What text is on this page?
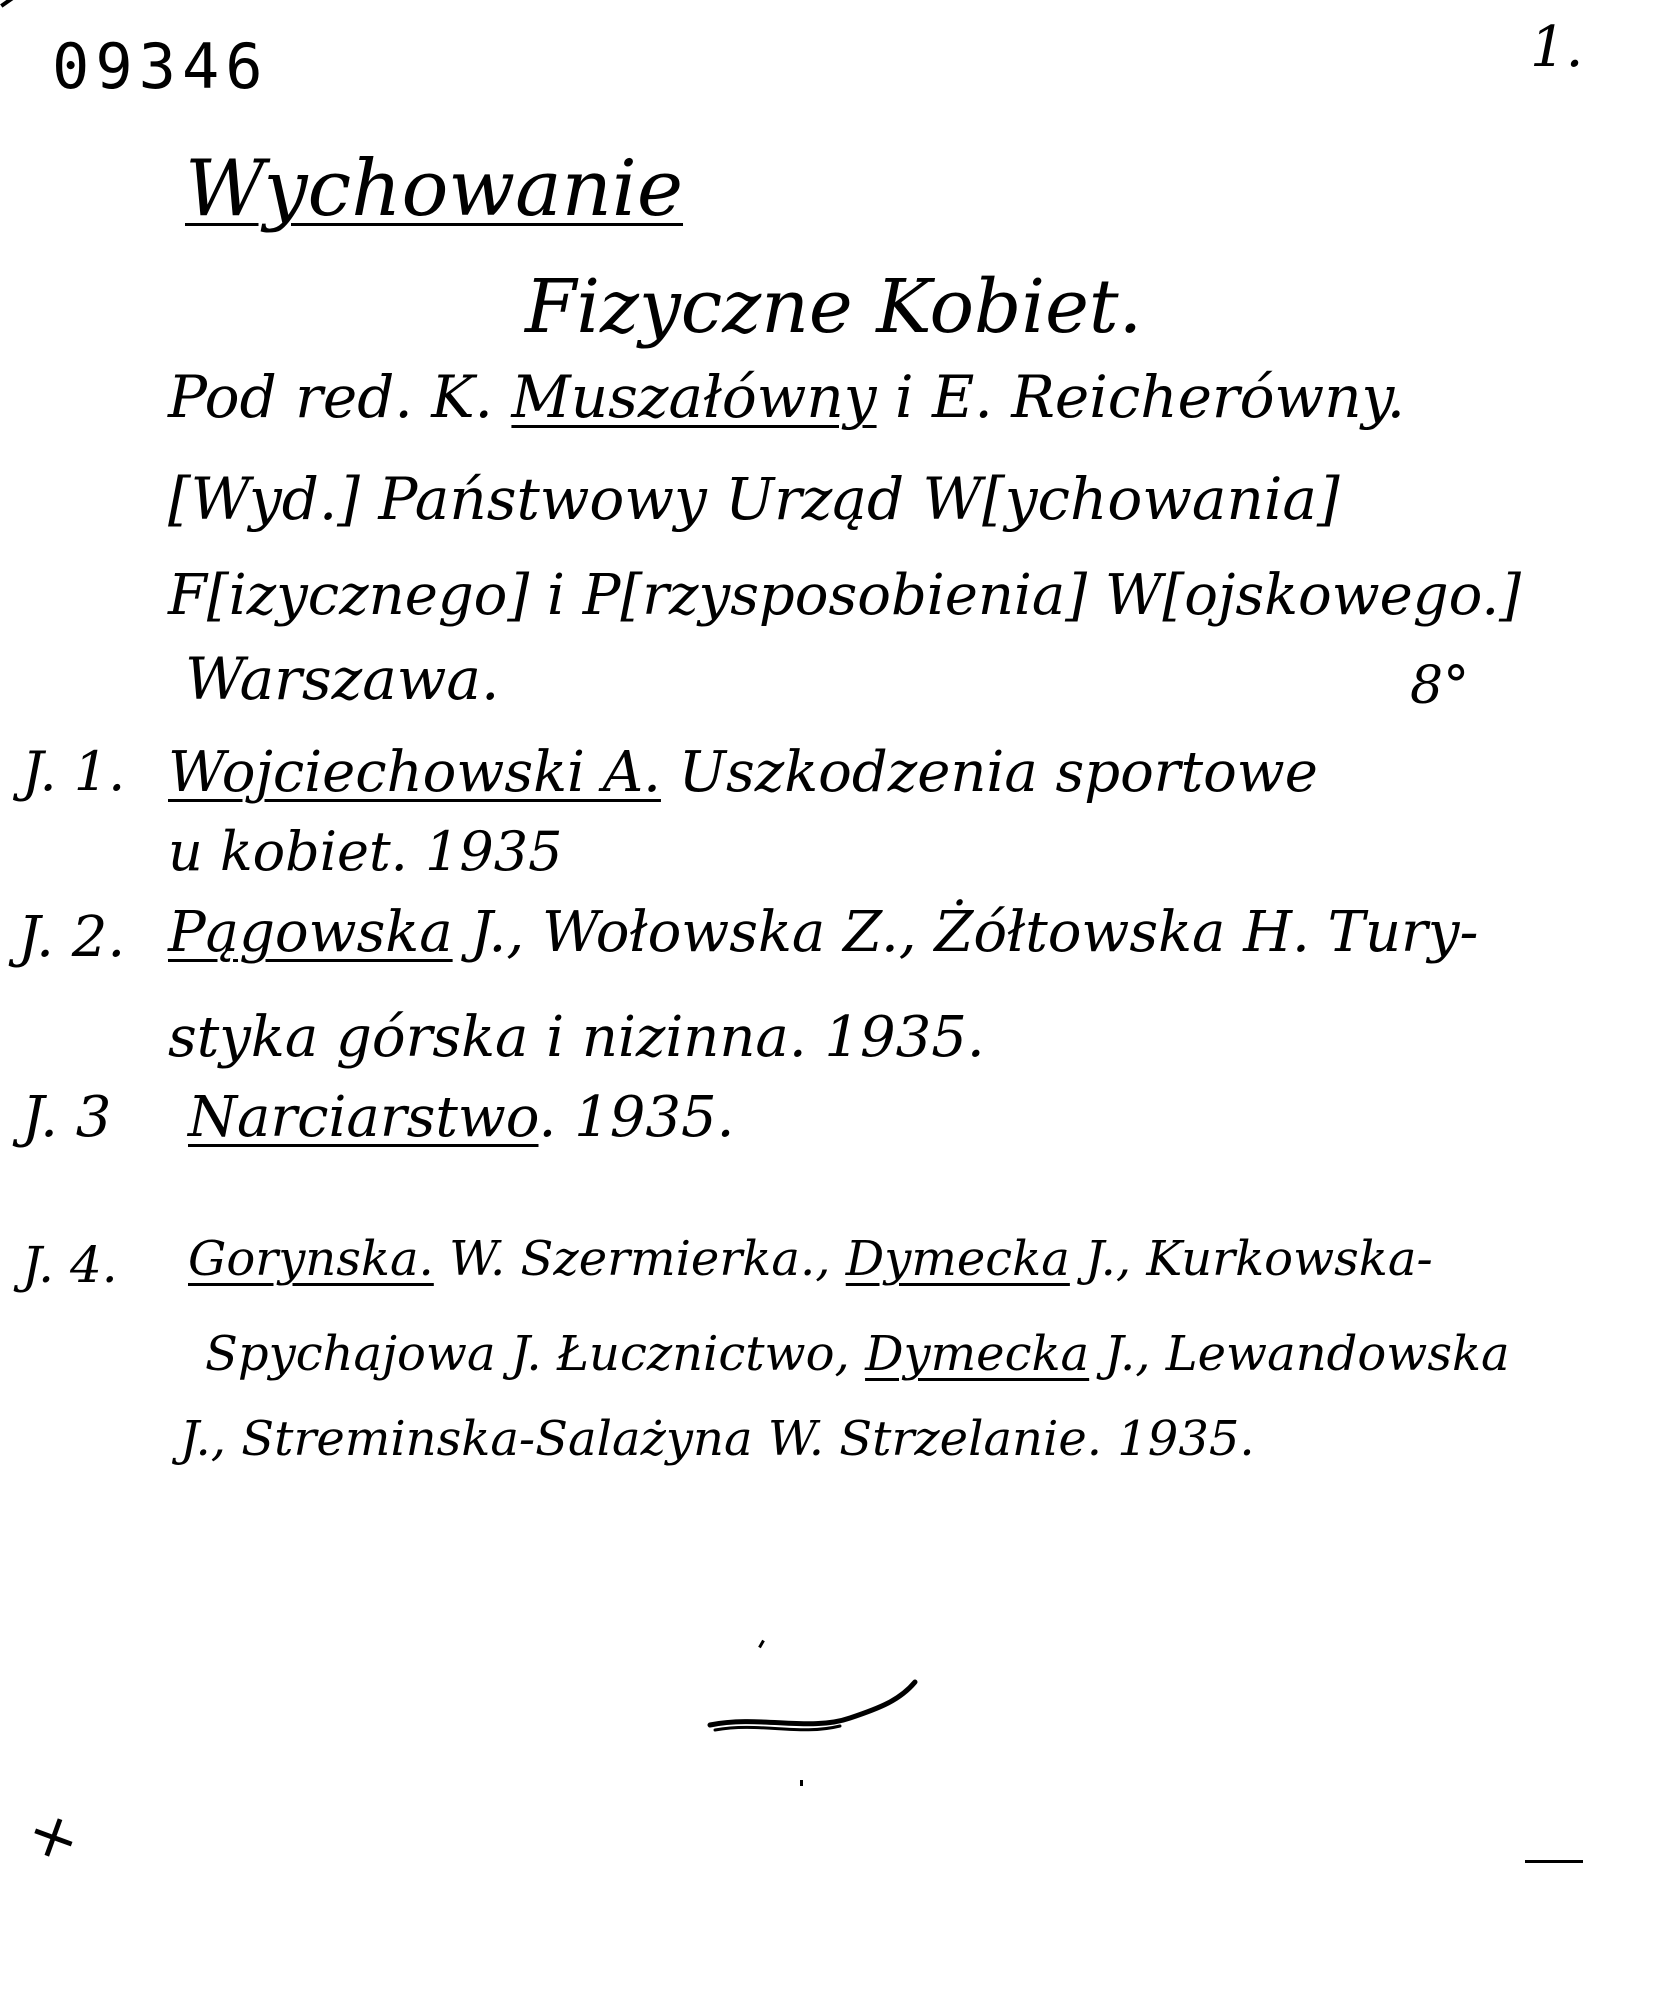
09346	1.
Wychowanie
Fizyczne Kobiet.
Pod red. K. Muszałówny i E. Reicherówny.
[Wyd.] Państwowy Urząd W[ychowania]
F[izycznego] i P[rzysposobienia] W[ojskowego.]
Warszawa.	8°
J. 1. Wojciechowski A. Uszkodzenia sportowe
u kobiet. 1935
J. 2. Pągowska J., Wołowska Z., Żółtowska H. Tury-
styka górska i nizinna. 1935.
J. 3 Narciarstwo. 1935.
J. 4. Gorynska. W. Szermierka., Dymecka J., Kurkowska-
Spychajowa J. Łucznictwo, Dymecka J., Lewandowska
J., Streminska-Salażyna W. Strzelanie. 1935.
+
